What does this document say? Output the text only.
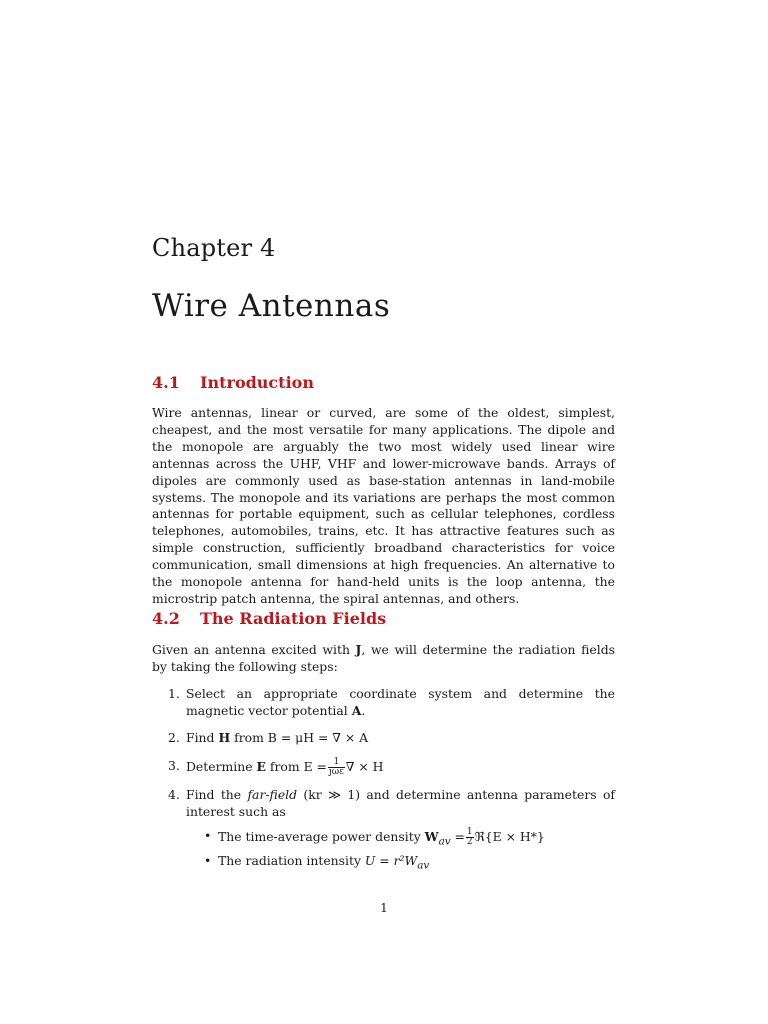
Chapter 4
Wire Antennas
4.1 Introduction
Wire antennas, linear or curved, are some of the oldest, simplest, cheapest, and the most versatile for many applications. The dipole and the monopole are arguably the two most widely used linear wire antennas across the UHF, VHF and lower-microwave bands. Arrays of dipoles are commonly used as base-station antennas in land-mobile systems. The monopole and its variations are perhaps the most common antennas for portable equipment, such as cellular telephones, cordless telephones, automobiles, trains, etc. It has attractive features such as simple construction, sufficiently broadband characteristics for voice communication, small dimensions at high frequencies. An alternative to the monopole antenna for hand-held units is the loop antenna, the microstrip patch antenna, the spiral antennas, and others.
4.2 The Radiation Fields
Given an antenna excited with J, we will determine the radiation fields by taking the following steps:
1. Select an appropriate coordinate system and determine the magnetic vector potential A.
2. Find H from B = μH = ∇ × A
3. Determine E from $E = \frac{1}{\text{jωε}}$ ∇ × H
4. Find the far-field (kr ≫ 1) and determine antenna parameters of interest such as
• The time-average power density $W_{av} = \frac{1}{2}$ ℜ{E × H*}
• The radiation intensity $U = r^2W_{av}$
1
